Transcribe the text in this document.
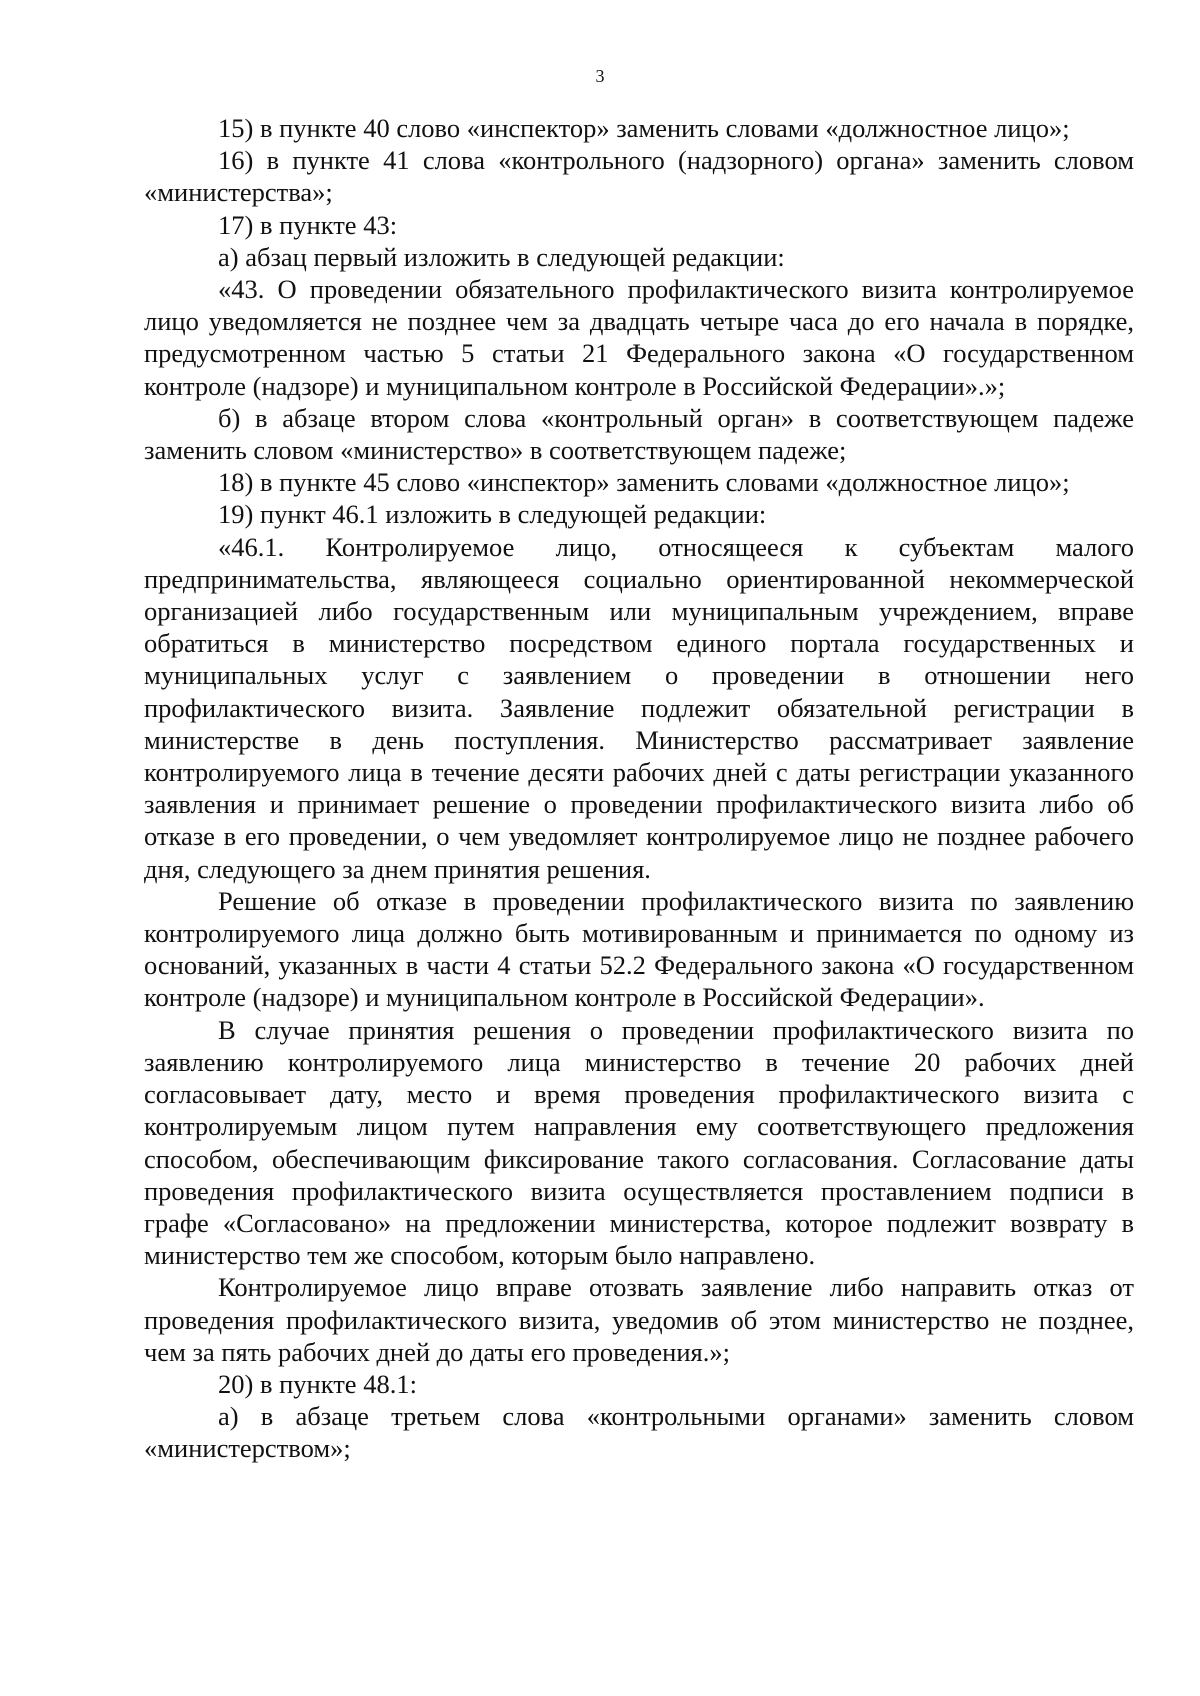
3

15) в пункте 40 слово «инспектор» заменить словами «должностное лицо»;

16) в пункте 41 слова «контрольного (надзорного) органа» заменить словом «министерства»;

17) в пункте 43:

а) абзац первый изложить в следующей редакции:

«43. О проведении обязательного профилактического визита контролируемое лицо уведомляется не позднее чем за двадцать четыре часа до его начала в порядке, предусмотренном частью 5 статьи 21 Федерального закона «О государственном контроле (надзоре) и муниципальном контроле в Российской Федерации».»;

б) в абзаце втором слова «контрольный орган» в соответствующем падеже заменить словом «министерство» в соответствующем падеже;

18) в пункте 45 слово «инспектор» заменить словами «должностное лицо»;

19) пункт 46.1 изложить в следующей редакции:

«46.1. Контролируемое лицо, относящееся к субъектам малого предпринимательства, являющееся социально ориентированной некоммерческой организацией либо государственным или муниципальным учреждением, вправе обратиться в министерство посредством единого портала государственных и муниципальных услуг с заявлением о проведении в отношении него профилактического визита. Заявление подлежит обязательной регистрации в министерстве в день поступления. Министерство рассматривает заявление контролируемого лица в течение десяти рабочих дней с даты регистрации указанного заявления и принимает решение о проведении профилактического визита либо об отказе в его проведении, о чем уведомляет контролируемое лицо не позднее рабочего дня, следующего за днем принятия решения.

Решение об отказе в проведении профилактического визита по заявлению контролируемого лица должно быть мотивированным и принимается по одному из оснований, указанных в части 4 статьи 52.2 Федерального закона «О государственном контроле (надзоре) и муниципальном контроле в Российской Федерации».

В случае принятия решения о проведении профилактического визита по заявлению контролируемого лица министерство в течение 20 рабочих дней согласовывает дату, место и время проведения профилактического визита с контролируемым лицом путем направления ему соответствующего предложения способом, обеспечивающим фиксирование такого согласования. Согласование даты проведения профилактического визита осуществляется проставлением подписи в графе «Согласовано» на предложении министерства, которое подлежит возврату в министерство тем же способом, которым было направлено.

Контролируемое лицо вправе отозвать заявление либо направить отказ от проведения профилактического визита, уведомив об этом министерство не позднее, чем за пять рабочих дней до даты его проведения.»;

20) в пункте 48.1:

а) в абзаце третьем слова «контрольными органами» заменить словом «министерством»;
